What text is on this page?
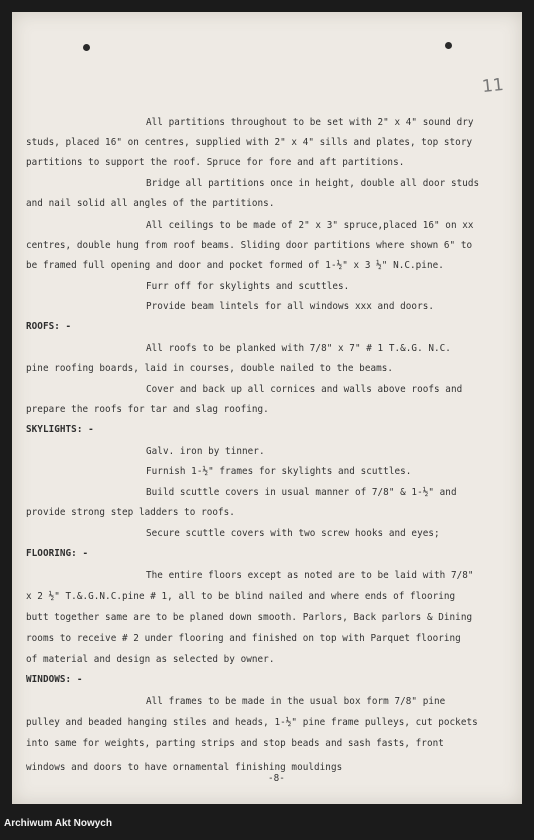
11

All partitions throughout to be set with 2" x 4" sound dry

studs, placed 16" on centres, supplied with 2" x 4" sills and plates, top story

partitions to support the roof. Spruce for fore and aft partitions.

Bridge all partitions once in height, double all door studs

and nail solid all angles of the partitions.

All ceilings to be made of 2" x 3" spruce,placed 16" on xx

centres, double hung from roof beams. Sliding door partitions where shown 6" to

be framed full opening and door and pocket formed of 1-½" x 3 ½" N.C.pine.

Furr off for skylights and scuttles.

Provide beam lintels for all windows xxx and doors.

ROOFS: -

All roofs to be planked with 7/8" x 7" # 1 T.&.G. N.C.

pine roofing boards, laid in courses, double nailed to the beams.

Cover and back up all cornices and walls above roofs and

prepare the roofs for tar and slag roofing.

SKYLIGHTS: -

Galv. iron by tinner.

Furnish 1-½" frames for skylights and scuttles.

Build scuttle covers in usual manner of 7/8" & 1-½" and

provide strong step ladders to roofs.

Secure scuttle covers with two screw hooks and eyes;

FLOORING: -

The entire floors except as noted are to be laid with 7/8"

x 2 ½" T.&.G.N.C.pine # 1, all to be blind nailed and where ends of flooring

butt together same are to be planed down smooth. Parlors, Back parlors & Dining

rooms to receive # 2 under flooring and finished on top with Parquet flooring

of material and design as selected by owner.

WINDOWS: -

All frames to be made in the usual box form 7/8" pine

pulley and beaded hanging stiles and heads, 1-½" pine frame pulleys, cut pockets

into same for weights, parting strips and stop beads and sash fasts, front

windows and doors to have ornamental finishing mouldings

-8-

Archiwum Akt Nowych
